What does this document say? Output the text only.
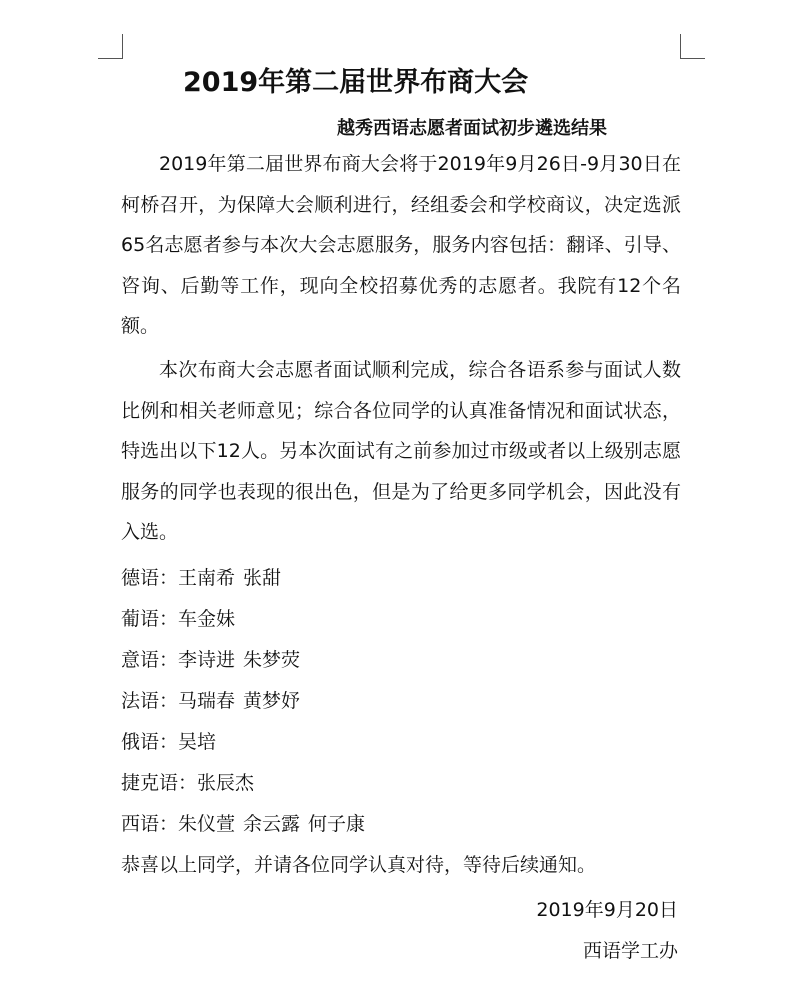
2019年第二届世界布商大会
越秀西语志愿者面试初步遴选结果

2019年第二届世界布商大会将于2019年9月26日-9月30日在柯桥召开，为保障大会顺利进行，经组委会和学校商议，决定选派65名志愿者参与本次大会志愿服务，服务内容包括：翻译、引导、咨询、后勤等工作，现向全校招募优秀的志愿者。我院有12个名额。

本次布商大会志愿者面试顺利完成，综合各语系参与面试人数比例和相关老师意见；综合各位同学的认真准备情况和面试状态，特选出以下12人。另本次面试有之前参加过市级或者以上级别志愿服务的同学也表现的很出色，但是为了给更多同学机会，因此没有入选。

德语：王南希 张甜
葡语：车金妹
意语：李诗进 朱梦荧
法语：马瑞春 黄梦妤
俄语：吴培
捷克语：张辰杰
西语：朱仪萱 余云露 何子康
恭喜以上同学，并请各位同学认真对待，等待后续通知。
2019年9月20日
西语学工办
